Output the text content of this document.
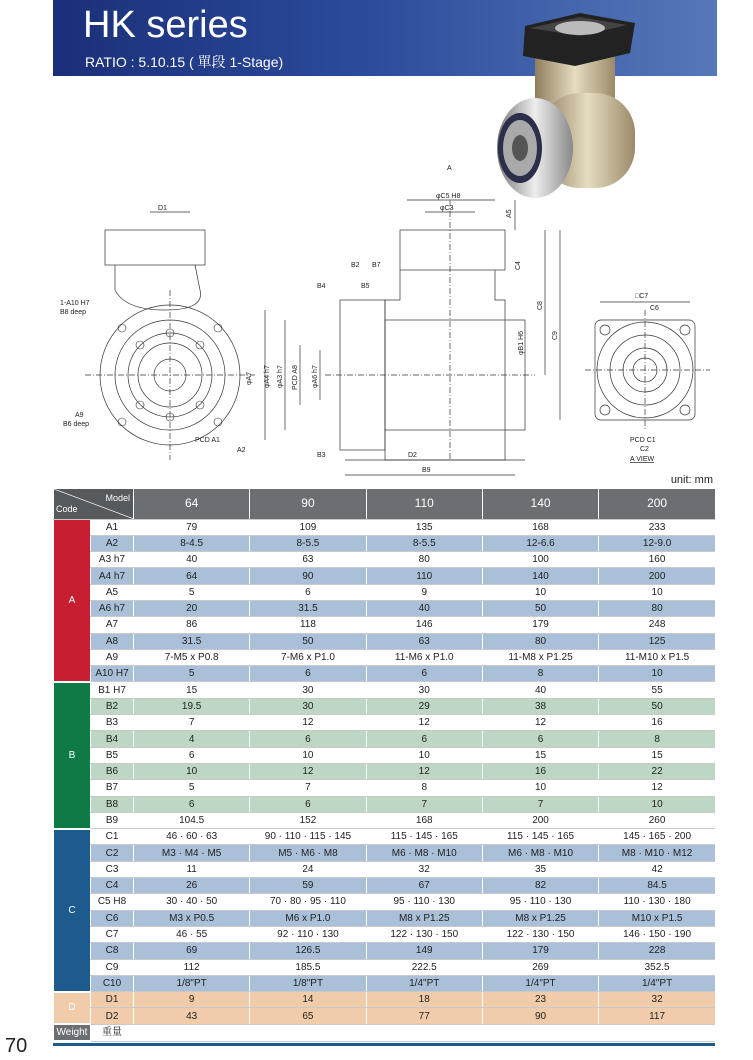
HK series
RATIO : 5.10.15 ( 單段 1-Stage)
D1
1-A10 H7
B8 deep
A9
B6 deep
PCD A1
A2
B2 B7
B4	B5
φA7 φA4 h7 φA3 h7 PCD A8 φA6 h7
B3	D2
B9
φC5 H8
φC3
A5
C4
C8
C9
φB1 H6
A
□C7
C6
PCD C1
C2
A VIEW
unit: mm
Model
Code		64	90	110	140	200
A	A1	79	109	135	168	233
	A2	8-4.5	8-5.5	8-5.5	12-6.6	12-9.0
	A3 h7	40	63	80	100	160
	A4 h7	64	90	110	140	200
	A5	5	6	9	10	10
	A6 h7	20	31.5	40	50	80
	A7	86	118	146	179	248
	A8	31.5	50	63	80	125
	A9	7-M5 x P0.8	7-M6 x P1.0	11-M6 x P1.0	11-M8 x P1.25	11-M10 x P1.5
	A10 H7	5	6	6	8	10
B	B1 H7	15	30	30	40	55
	B2	19.5	30	29	38	50
	B3	7	12	12	12	16
	B4	4	6	6	6	8
	B5	6	10	10	15	15
	B6	10	12	12	16	22
	B7	5	7	8	10	12
	B8	6	6	7	7	10
	B9	104.5	152	168	200	260
C	C1	46 · 60 · 63	90 · 110 · 115 · 145	115 · 145 · 165	115 · 145 · 165	145 · 165 · 200
	C2	M3 · M4 · M5	M5 · M6 · M8	M6 · M8 · M10	M6 · M8 · M10	M8 · M10 · M12
	C3	11	24	32	35	42
	C4	26	59	67	82	84.5
	C5 H8	30 · 40 · 50	70 · 80 · 95 · 110	95 · 110 · 130	95 · 110 · 130	110 · 130 · 180
	C6	M3 x P0.5	M6 x P1.0	M8 x P1.25	M8 x P1.25	M10 x P1.5
	C7	46 · 55	92 · 110 · 130	122 · 130 · 150	122 · 130 · 150	146 · 150 · 190
	C8	69	126.5	149	179	228
	C9	112	185.5	222.5	269	352.5
	C10	1/8"PT	1/8"PT	1/4"PT	1/4"PT	1/4"PT
D	D1	9	14	18	23	32
	D2	43	65	77	90	117
Weight	重量					
70
